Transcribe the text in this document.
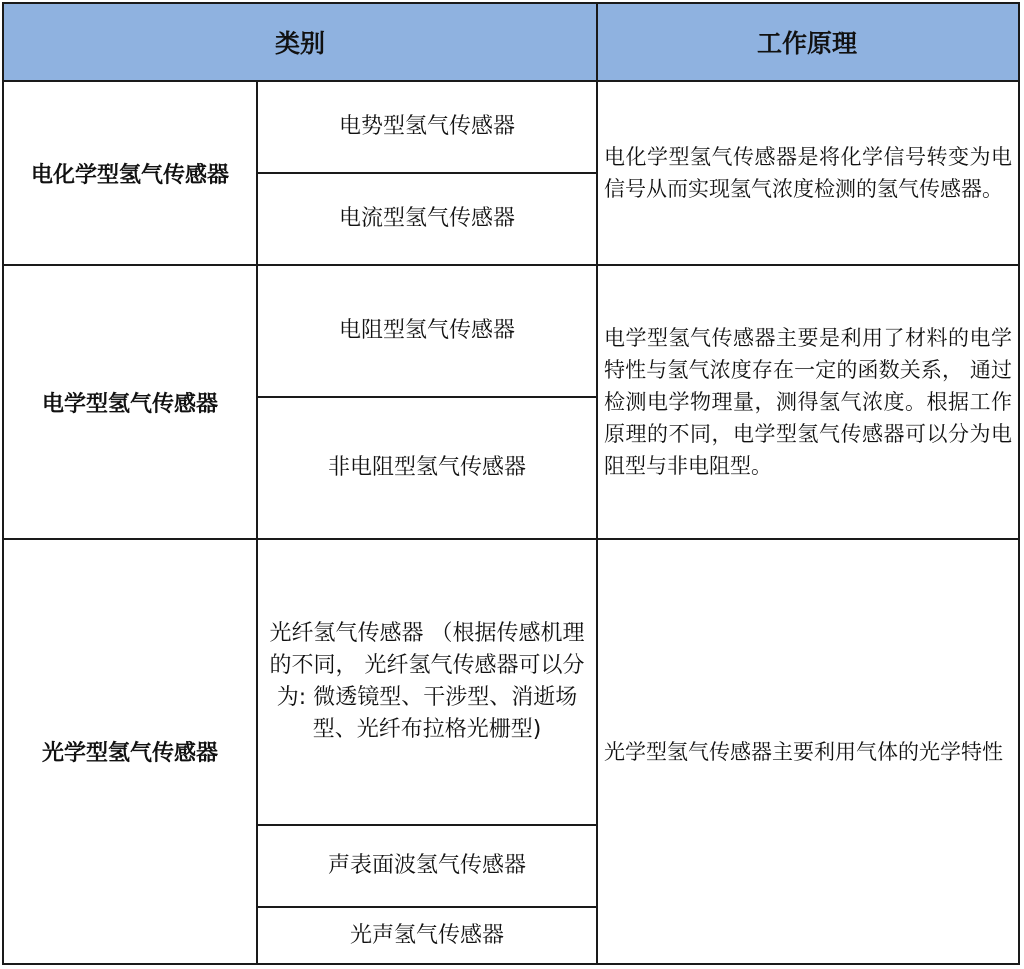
类别	工作原理
电化学型氢气传感器
电势型氢气传感器
电流型氢气传感器
电化学型氢气传感器是将化学信号转变为电信号从而实现氢气浓度检测的氢气传感器。
电学型氢气传感器
电阻型氢气传感器
非电阻型氢气传感器
电学型氢气传感器主要是利用了材料的电学特性与氢气浓度存在一定的函数关系， 通过检测电学物理量，测得氢气浓度。根据工作原理的不同，电学型氢气传感器可以分为电阻型与非电阻型。
光学型氢气传感器
光纤氢气传感器 （根据传感机理的不同， 光纤氢气传感器可以分为: 微透镜型、干涉型、消逝场型、光纤布拉格光栅型)
声表面波氢气传感器
光声氢气传感器
光学型氢气传感器主要利用气体的光学特性
